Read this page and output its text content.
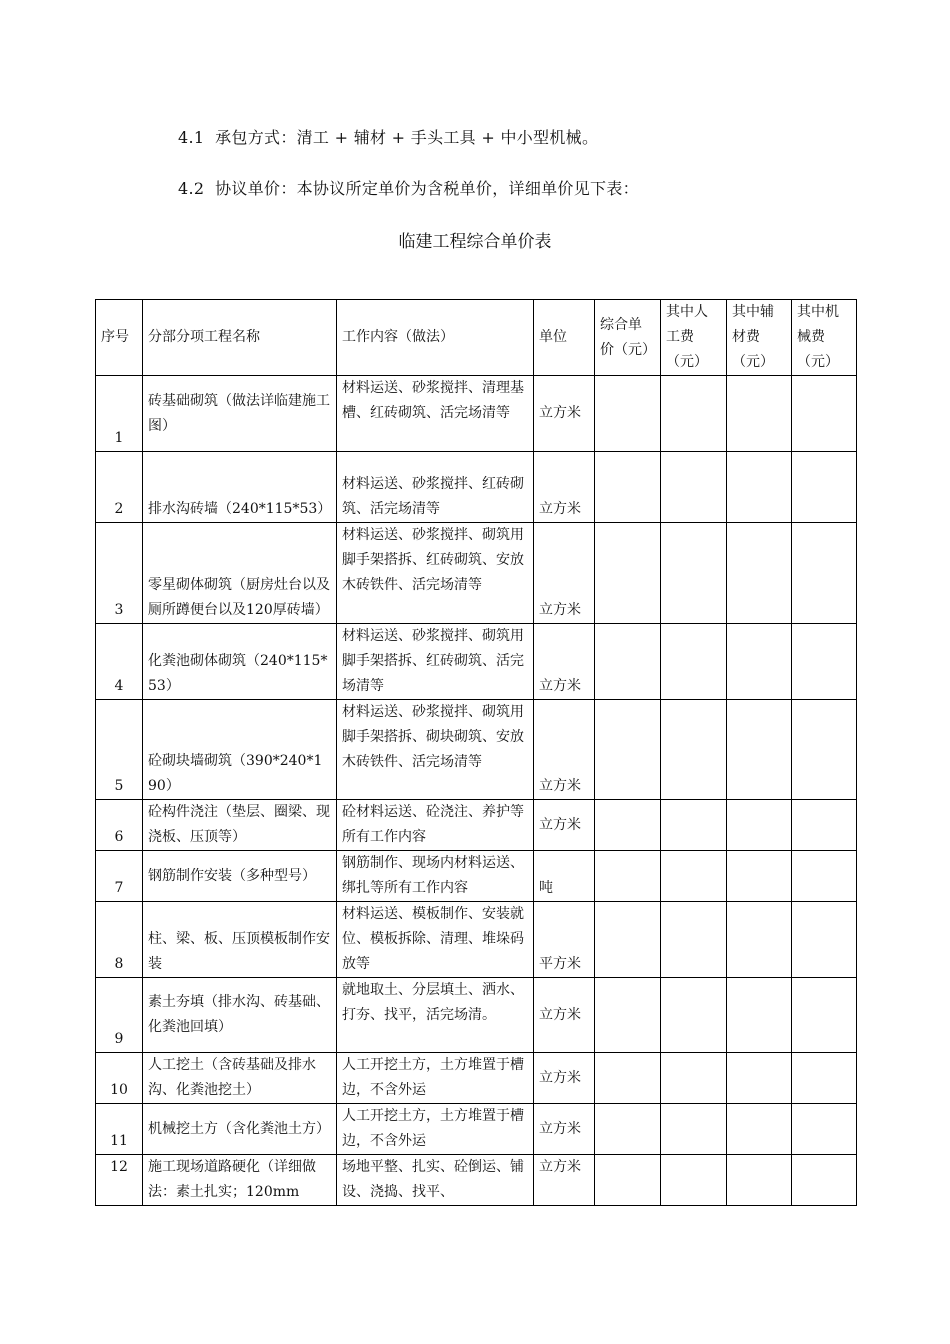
4.1  承包方式：清工 + 辅材 + 手头工具 + 中小型机械。
4.2  协议单价：本协议所定单价为含税单价，详细单价见下表：
临建工程综合单价表
序号	分部分项工程名称	工作内容（做法）	单位	综合单价（元）	其中人工费（元）	其中辅材费（元）	其中机械费（元）
1	砖基础砌筑（做法详临建施工图）	材料运送、砂浆搅拌、清理基槽、红砖砌筑、活完场清等	立方米				
2	排水沟砖墙（240*115*53）	材料运送、砂浆搅拌、红砖砌筑、活完场清等	立方米				
3	零星砌体砌筑（厨房灶台以及厕所蹲便台以及120厚砖墙）	材料运送、砂浆搅拌、砌筑用脚手架搭拆、红砖砌筑、安放木砖铁件、活完场清等	立方米				
4	化粪池砌体砌筑（240*115*53）	材料运送、砂浆搅拌、砌筑用脚手架搭拆、红砖砌筑、活完场清等	立方米				
5	砼砌块墙砌筑（390*240*190）	材料运送、砂浆搅拌、砌筑用脚手架搭拆、砌块砌筑、安放木砖铁件、活完场清等	立方米				
6	砼构件浇注（垫层、圈梁、现浇板、压顶等）	砼材料运送、砼浇注、养护等所有工作内容	立方米				
7	钢筋制作安装（多种型号）	钢筋制作、现场内材料运送、绑扎等所有工作内容	吨				
8	柱、梁、板、压顶模板制作安装	材料运送、模板制作、安装就位、模板拆除、清理、堆垛码放等	平方米				
9	素土夯填（排水沟、砖基础、化粪池回填）	就地取土、分层填土、洒水、打夯、找平，活完场清。	立方米				
10	人工挖土（含砖基础及排水沟、化粪池挖土）	人工开挖土方，土方堆置于槽边，不含外运	立方米				
11	机械挖土方（含化粪池土方）	人工开挖土方，土方堆置于槽边，不含外运	立方米				
12	施工现场道路硬化（详细做法：素土扎实；120mm	场地平整、扎实、砼倒运、铺设、浇捣、找平、	立方米				
